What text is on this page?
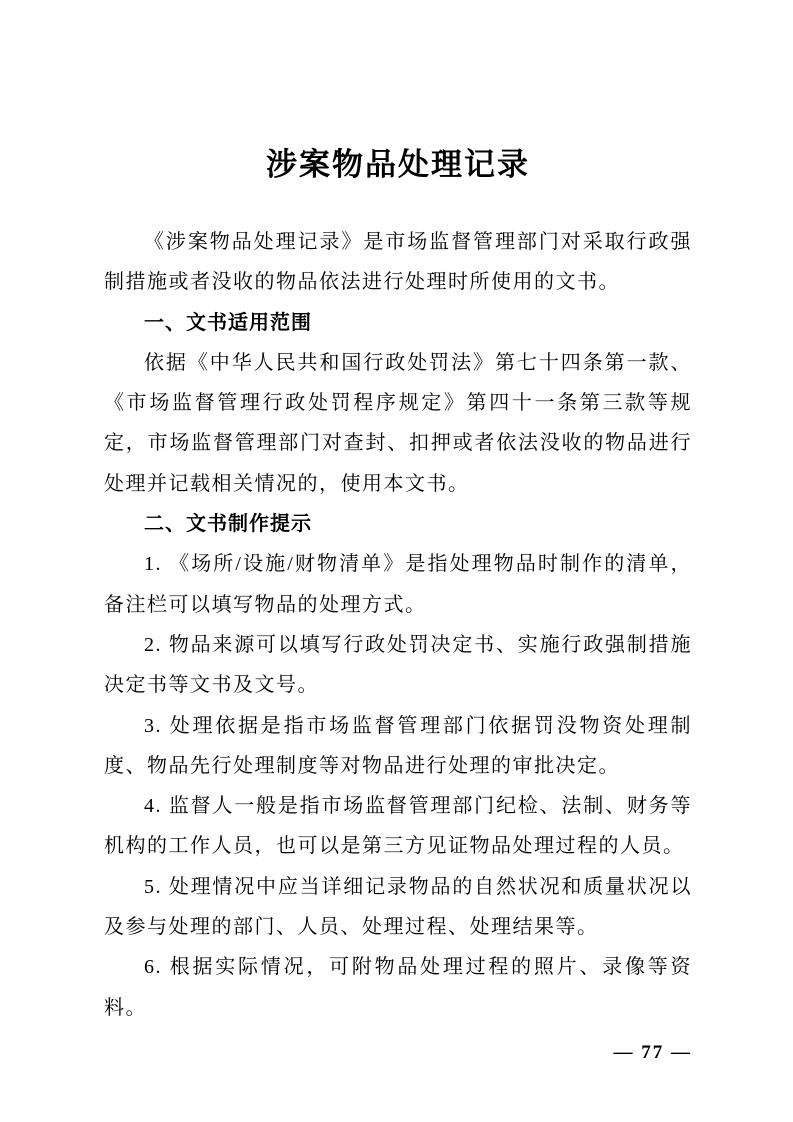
涉案物品处理记录

《涉案物品处理记录》是市场监督管理部门对采取行政强制措施或者没收的物品依法进行处理时所使用的文书。

一、文书适用范围

依据《中华人民共和国行政处罚法》第七十四条第一款、《市场监督管理行政处罚程序规定》第四十一条第三款等规定，市场监督管理部门对查封、扣押或者依法没收的物品进行处理并记载相关情况的，使用本文书。

二、文书制作提示

1. 《场所/设施/财物清单》是指处理物品时制作的清单，备注栏可以填写物品的处理方式。

2. 物品来源可以填写行政处罚决定书、实施行政强制措施决定书等文书及文号。

3. 处理依据是指市场监督管理部门依据罚没物资处理制度、物品先行处理制度等对物品进行处理的审批决定。

4. 监督人一般是指市场监督管理部门纪检、法制、财务等机构的工作人员，也可以是第三方见证物品处理过程的人员。

5. 处理情况中应当详细记录物品的自然状况和质量状况以及参与处理的部门、人员、处理过程、处理结果等。

6. 根据实际情况，可附物品处理过程的照片、录像等资料。

— 77 —
